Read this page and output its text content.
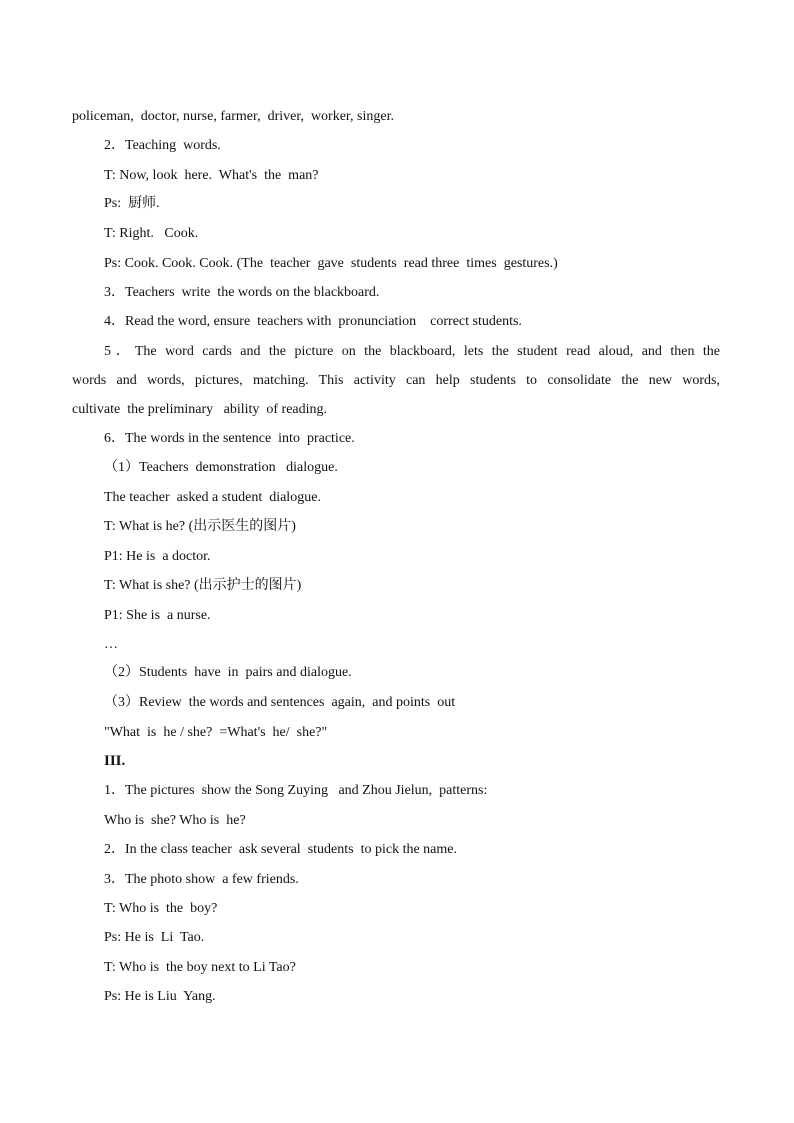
policeman,  doctor, nurse, farmer,  driver,  worker, singer.
2．Teaching  words.
T: Now, look  here.  What's  the  man?
Ps:  厨师.
T: Right.   Cook.
Ps: Cook. Cook. Cook. (The  teacher  gave  students  read three  times  gestures.)
3．Teachers  write  the words on the blackboard.
4．Read the word, ensure  teachers with  pronunciation    correct students.
5．The word cards and the picture on the blackboard, lets the student read aloud, and then the
words and words, pictures, matching. This activity can help students to consolidate the new words,
cultivate  the preliminary   ability  of reading.
6．The words in the sentence  into  practice.
（1）Teachers  demonstration   dialogue.
The teacher  asked a student  dialogue.
T: What is he? (出示医生的图片)
P1: He is  a doctor.
T: What is she? (出示护士的图片)
P1: She is  a nurse.
…
（2）Students  have  in  pairs and dialogue.
（3）Review  the words and sentences  again,  and points  out
"What  is  he / she?  =What's  he/  she?"
III.
1．The pictures  show the Song Zuying   and Zhou Jielun,  patterns:
Who is  she? Who is  he?
2．In the class teacher  ask several  students  to pick the name.
3．The photo show  a few friends.
T: Who is  the  boy?
Ps: He is  Li  Tao.
T: Who is  the boy next to Li Tao?
Ps: He is Liu  Yang.
